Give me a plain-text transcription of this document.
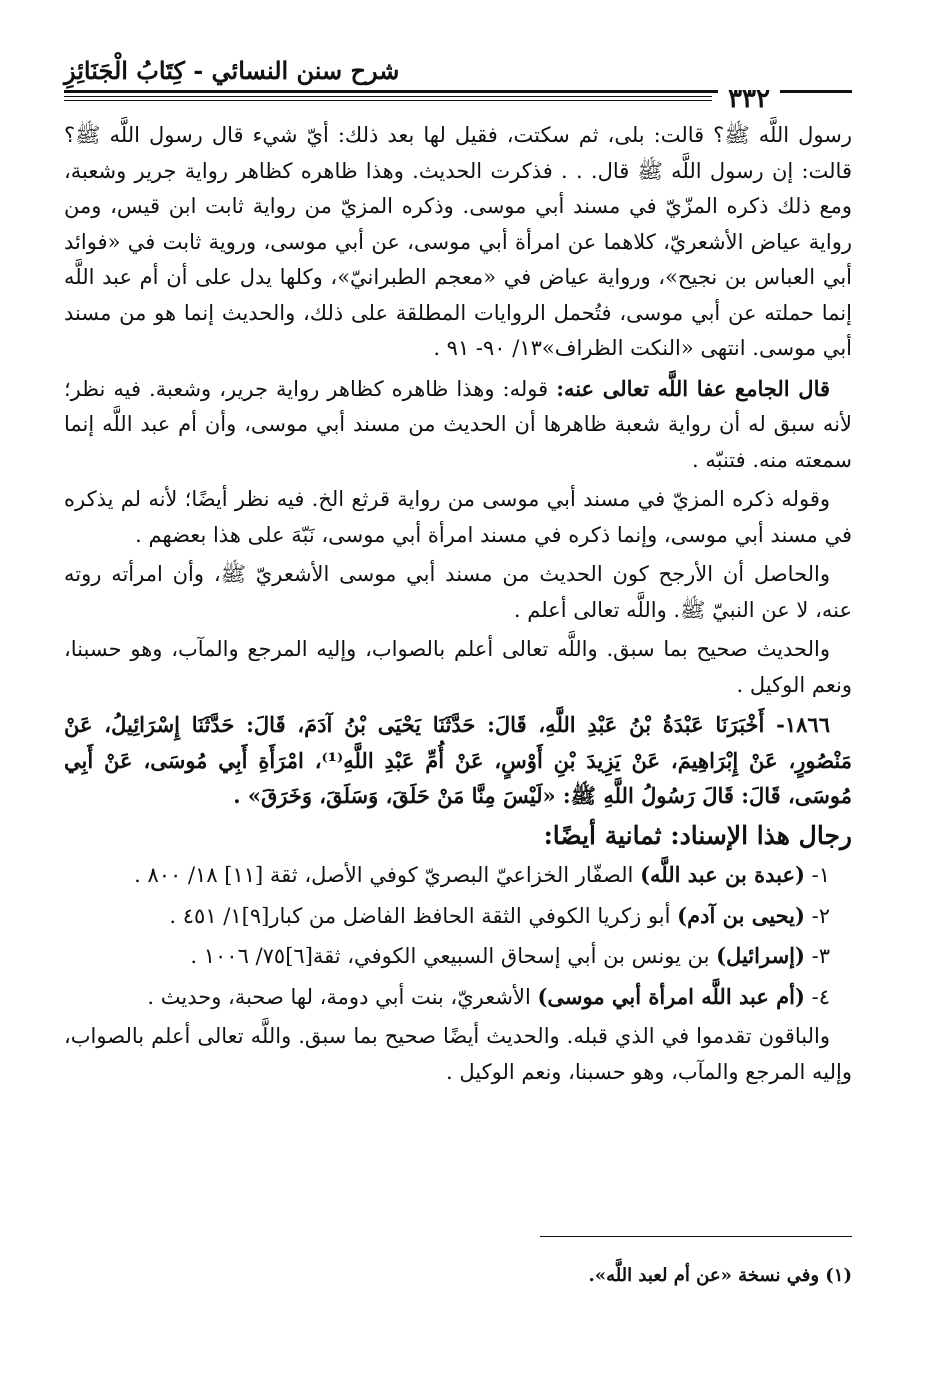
شرح سنن النسائي - كِتَابُ الْجَنَائِزِ
٣٣٢

رسول اللَّه ﷺ؟ قالت: بلى، ثم سكتت، فقيل لها بعد ذلك: أيّ شيء قال رسول اللَّه ﷺ؟ قالت: إن رسول اللَّه ﷺ قال. . . فذكرت الحديث. وهذا ظاهره كظاهر رواية جرير وشعبة، ومع ذلك ذكره المزّيّ في مسند أبي موسى. وذكره المزيّ من رواية ثابت ابن قيس، ومن رواية عياض الأشعريّ، كلاهما عن امرأة أبي موسى، عن أبي موسى، وروية ثابت في «فوائد أبي العباس بن نجيح»، ورواية عياض في «معجم الطبرانيّ»، وكلها يدل على أن أم عبد اللَّه إنما حملته عن أبي موسى، فتُحمل الروايات المطلقة على ذلك، والحديث إنما هو من مسند أبي موسى. انتهى «النكت الظراف»١٣/ ٩٠- ٩١ .

قال الجامع عفا اللَّه تعالى عنه: قوله: وهذا ظاهره كظاهر رواية جرير، وشعبة. فيه نظر؛ لأنه سبق له أن رواية شعبة ظاهرها أن الحديث من مسند أبي موسى، وأن أم عبد اللَّه إنما سمعته منه. فتنبّه .

وقوله ذكره المزيّ في مسند أبي موسى من رواية قرثع الخ. فيه نظر أيضًا؛ لأنه لم يذكره في مسند أبي موسى، وإنما ذكره في مسند امرأة أبي موسى، نَبّهَ على هذا بعضهم .

والحاصل أن الأرجح كون الحديث من مسند أبي موسى الأشعريّ ﷺ، وأن امرأته روته عنه، لا عن النبيّ ﷺ. واللَّه تعالى أعلم .

والحديث صحيح بما سبق. واللَّه تعالى أعلم بالصواب، وإليه المرجع والمآب، وهو حسبنا، ونعم الوكيل .

١٨٦٦- أَخْبَرَنَا عَبْدَةُ بْنُ عَبْدِ اللَّهِ، قَالَ: حَدَّثَنَا يَحْيَى بْنُ آدَمَ، قَالَ: حَدَّثَنَا إِسْرَائِيلُ، عَنْ مَنْصُورٍ، عَنْ إِبْرَاهِيمَ، عَنْ يَزِيدَ بْنِ أَوْسٍ، عَنْ أُمِّ عَبْدِ اللَّهِ⁽¹⁾، امْرَأَةِ أَبِي مُوسَى، عَنْ أَبِي مُوسَى، قَالَ: قَالَ رَسُولُ اللَّهِ ﷺ: «لَيْسَ مِنَّا مَنْ حَلَقَ، وَسَلَقَ، وَخَرَقَ» .

رجال هذا الإسناد: ثمانية أيضًا:

١- (عبدة بن عبد اللَّه) الصفّار الخزاعيّ البصريّ كوفي الأصل، ثقة [١١] ١٨/ ٨٠٠ .

٢- (يحيى بن آدم) أبو زكريا الكوفي الثقة الحافظ الفاضل من كبار[٩]١/ ٤٥١ .

٣- (إسرائيل) بن يونس بن أبي إسحاق السبيعي الكوفي، ثقة[٦]٧٥/ ١٠٠٦ .

٤- (أم عبد اللَّه امرأة أبي موسى) الأشعريّ، بنت أبي دومة، لها صحبة، وحديث .

والباقون تقدموا في الذي قبله. والحديث أيضًا صحيح بما سبق. واللَّه تعالى أعلم بالصواب، وإليه المرجع والمآب، وهو حسبنا، ونعم الوكيل .

(١) وفي نسخة «عن أم لعبد اللَّه».
